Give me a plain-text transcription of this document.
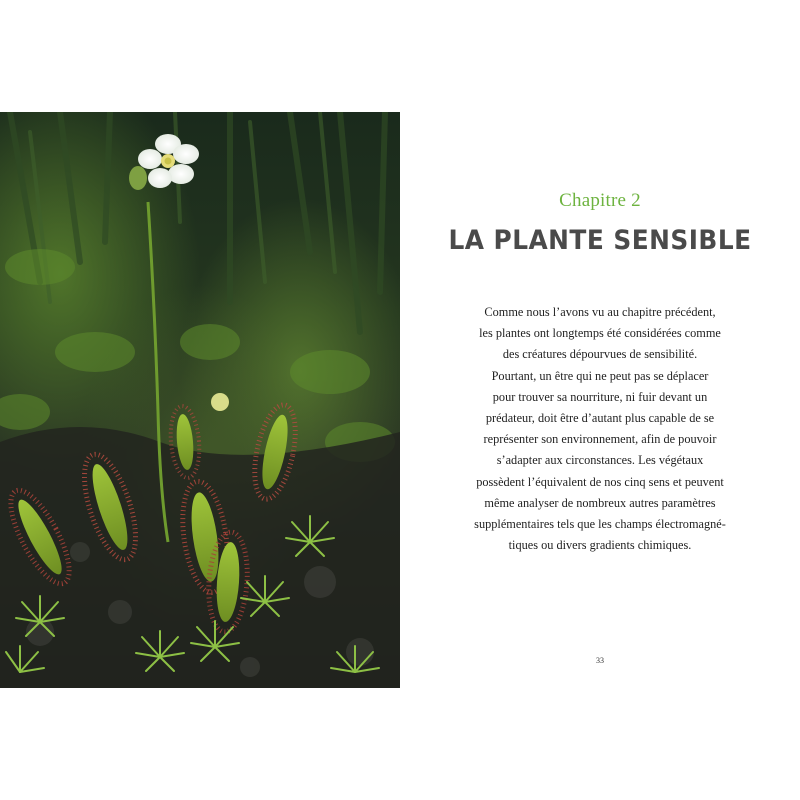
Chapitre 2
LA PLANTE SENSIBLE
Comme nous l’avons vu au chapitre précédent,
les plantes ont longtemps été considérées comme
des créatures dépourvues de sensibilité.
Pourtant, un être qui ne peut pas se déplacer
pour trouver sa nourriture, ni fuir devant un
prédateur, doit être d’autant plus capable de se
représenter son environnement, afin de pouvoir
s’adapter aux circonstances. Les végétaux
possèdent l’équivalent de nos cinq sens et peuvent
même analyser de nombreux autres paramètres
supplémentaires tels que les champs électromagné-
tiques ou divers gradients chimiques.
33
